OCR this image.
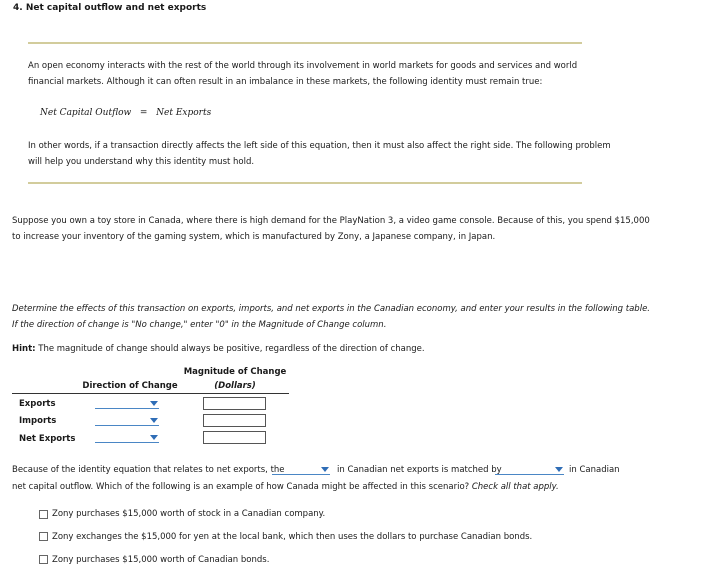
4. Net capital outflow and net exports
An open economy interacts with the rest of the world through its involvement in world markets for goods and services and world
financial markets. Although it can often result in an imbalance in these markets, the following identity must remain true:
Net Capital Outflow = Net Exports
In other words, if a transaction directly affects the left side of this equation, then it must also affect the right side. The following problem
will help you understand why this identity must hold.
Suppose you own a toy store in Canada, where there is high demand for the PlayNation 3, a video game console. Because of this, you spend $15,000
to increase your inventory of the gaming system, which is manufactured by Zony, a Japanese company, in Japan.
Determine the effects of this transaction on exports, imports, and net exports in the Canadian economy, and enter your results in the following table.
If the direction of change is "No change," enter "0" in the Magnitude of Change column.
Hint: The magnitude of change should always be positive, regardless of the direction of change.
Direction of Change
Magnitude of Change
(Dollars)
Exports
Imports
Net Exports
Because of the identity equation that relates to net exports, the	in Canadian net exports is matched by	in Canadian
net capital outflow. Which of the following is an example of how Canada might be affected in this scenario? Check all that apply.
Zony purchases $15,000 worth of stock in a Canadian company.
Zony exchanges the $15,000 for yen at the local bank, which then uses the dollars to purchase Canadian bonds.
Zony purchases $15,000 worth of Canadian bonds.
